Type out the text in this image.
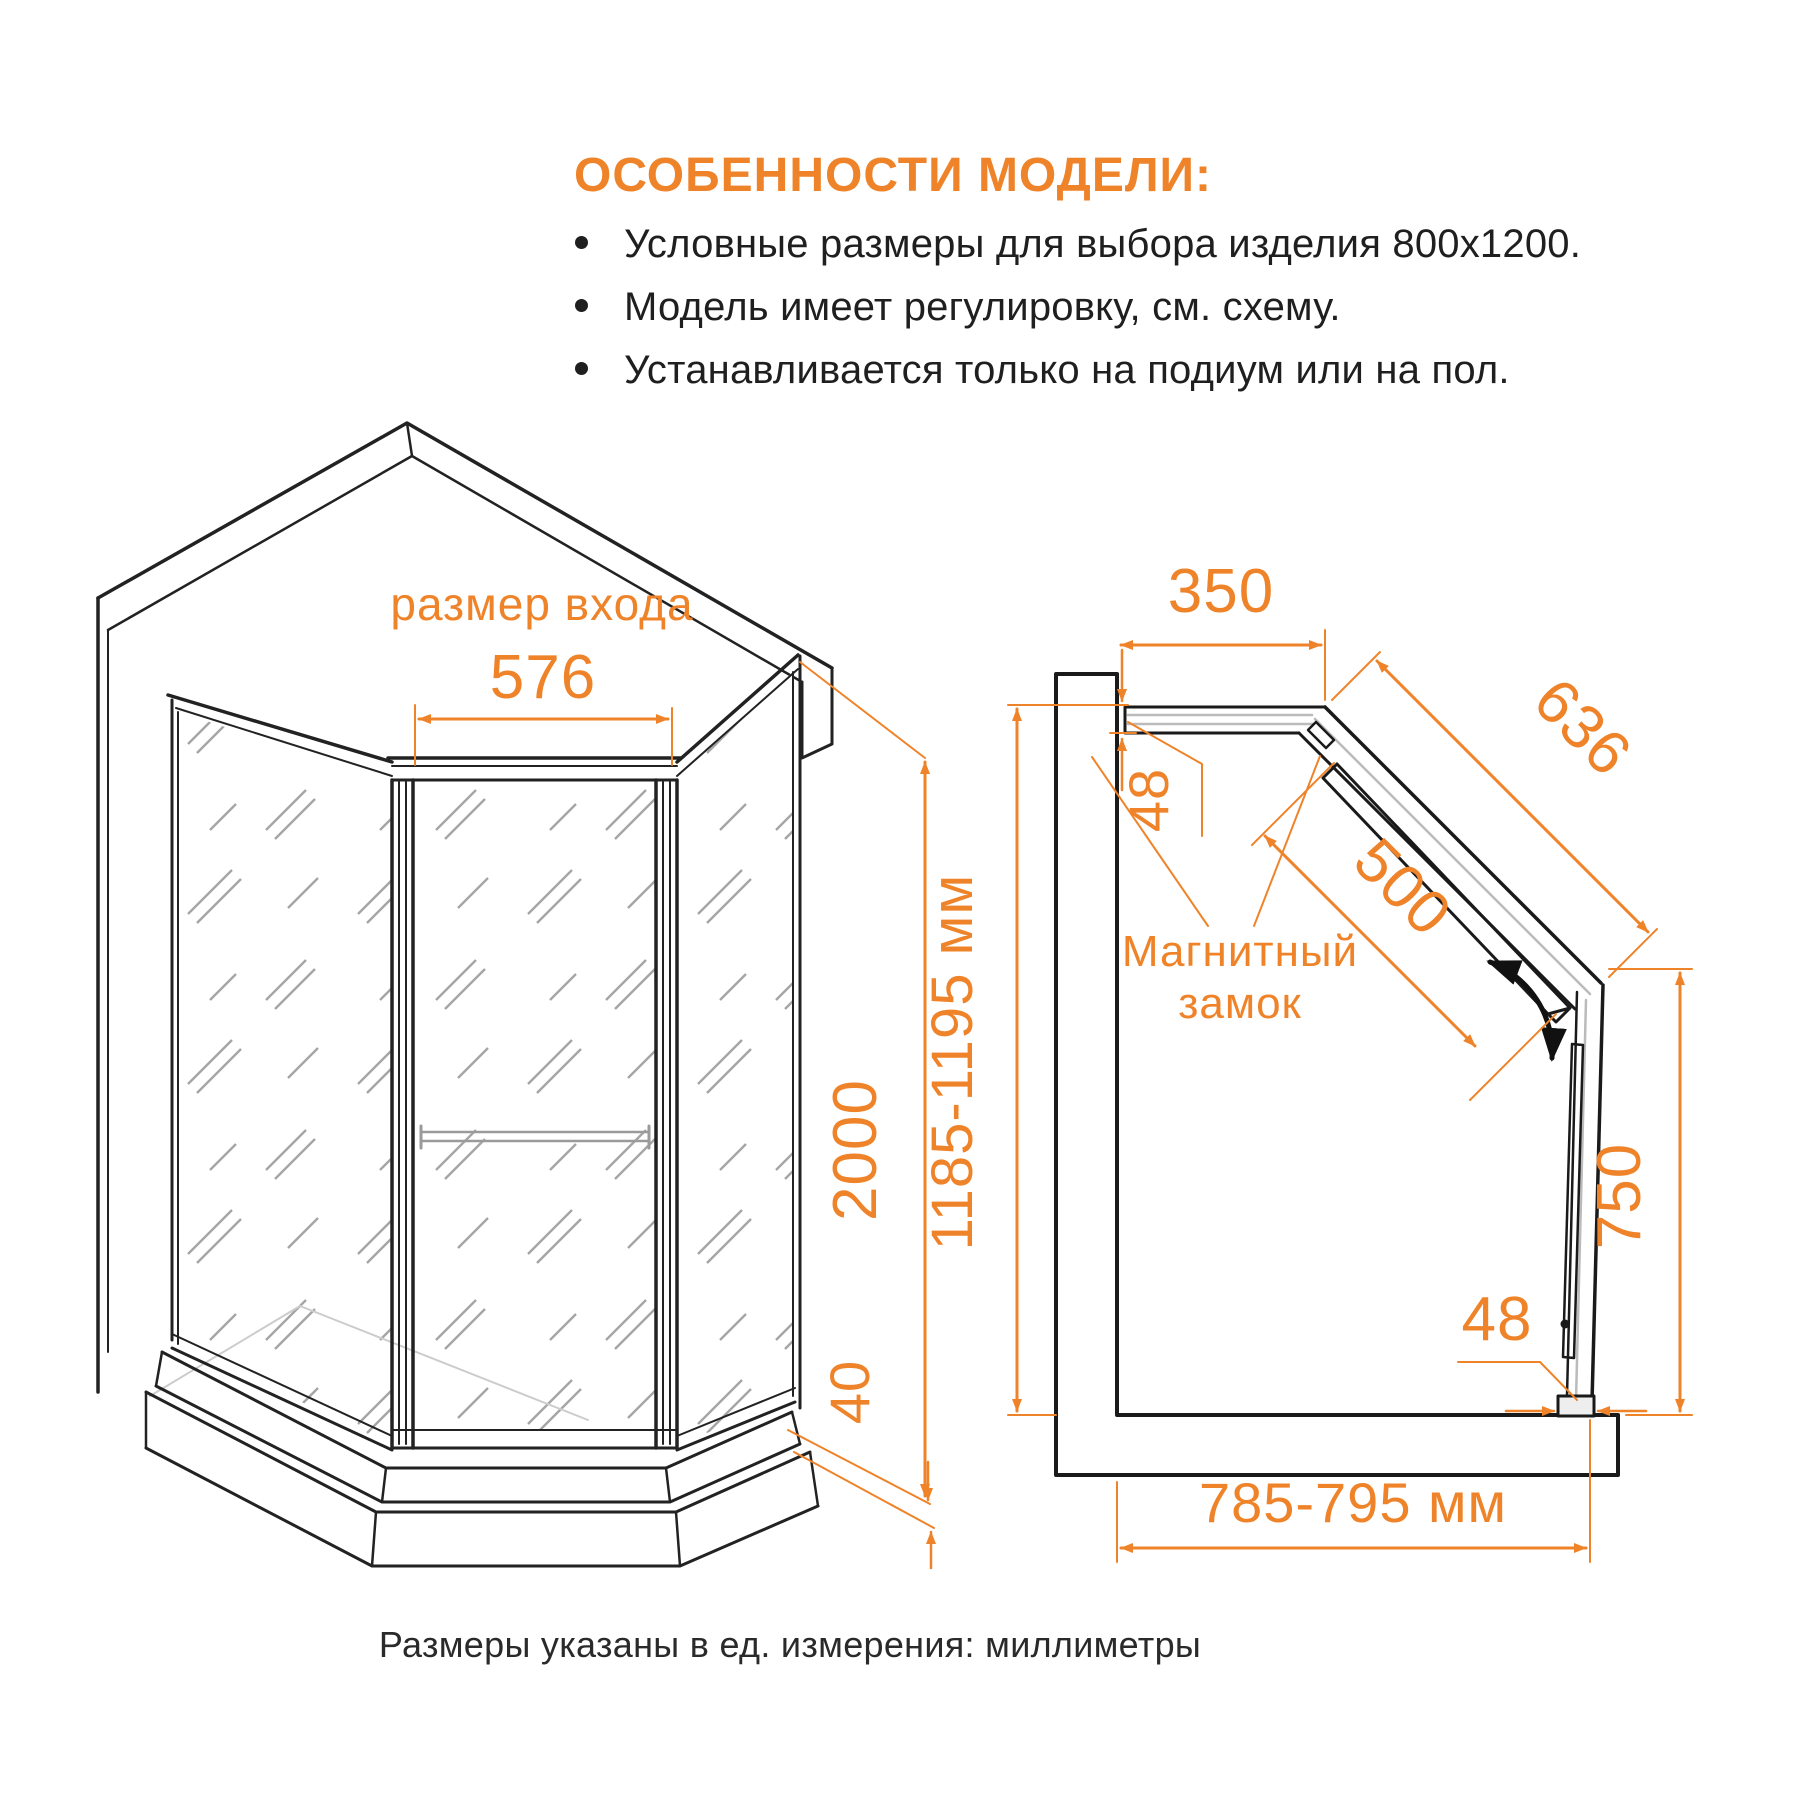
ОСОБЕННОСТИ МОДЕЛИ:
Условные размеры для выбора изделия 800x1200.
Модель имеет регулировку, см. схему.
Устанавливается только на подиум или на пол.
размер входа
576
2000
40
350
48
636
500
Магнитный
замок
1185-1195 мм	750
48
785-795 мм
Размеры указаны в ед. измерения: миллиметры
